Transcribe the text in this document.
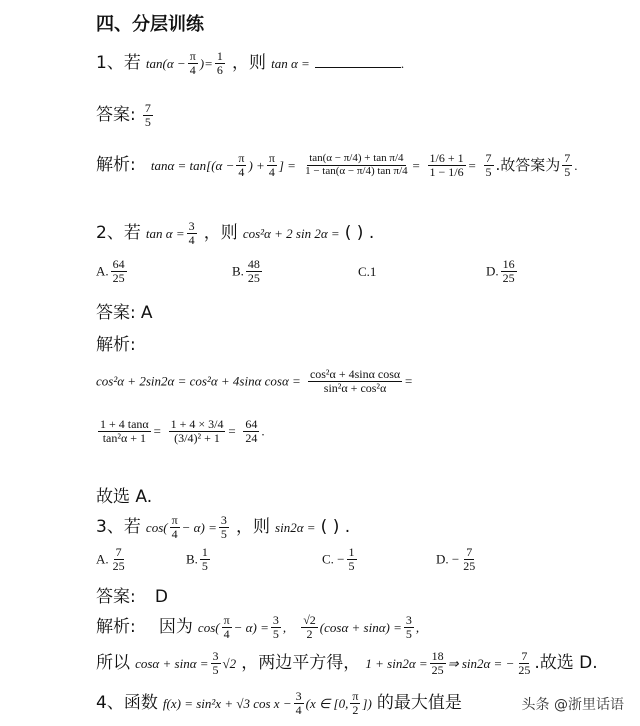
四、分层训练
1、若 $\tan(\alpha - \frac{\pi}{4}$ )= $\frac{1}{6}$ ，则 tan α =	.
答案: $\frac{7}{5}$
解析: $\tan\alpha = \tan[(\alpha - \frac{\pi}{4}$ ) + $\frac{\pi}{4}$ ] = $\frac{\text{tan(α − π/4) + tan π/4}}{\text{1 − tan(α − π/4) tan π/4}} = \frac{1/6 + 1}{1 - 1/6} = \frac{7}{5}$ .故答案为 $\frac{7}{5}$ .
2、若 $\tan \alpha = \frac{3}{4}$ ，则 cos²α + 2 sin 2α = ( ) .
A. $\frac{64}{25}$	B. $\frac{48}{25}$	C.1	D. $\frac{16}{25}$
答案: A
解析:
cos²α + 2sin2α = cos²α + 4sinα $\cos\alpha = \frac{\text{cos²α + 4sinα cosα}}{\text{sin²α + cos²α}}$ =
$\frac{1 + 4 \tan\alpha}{\text{tan²α + 1}} = \frac{1 + 4 \times 3/4}{\text{(3/4)² + 1}} = \frac{64}{24}$ .
故选 A.
3、若 $\cos( \frac{\pi}{4} - \alpha) = \frac{3}{5}$ ，则 sin2α = ( ) .
A. $\frac{7}{25}$	B. $\frac{1}{5}$	C. − $\frac{1}{5}$	D. − $\frac{7}{25}$
答案: D
解析: 因为 $\cos( \frac{\pi}{4} - \alpha) = \frac{3}{5}$ , $\frac{√2}{2} (\cos\alpha + \sin\alpha) = \frac{3}{5}$ ,
所以 $\cos\alpha + \sin\alpha = \frac{3}{5} √2$ ，两边平方得， $1 + \sin 2\alpha = \frac{18}{25}$ ⇒ sin2α = − $\frac{7}{25}$ .故选 D.
4、函数 f(x) = sin²x + √3 $\cos x - \frac{3}{4} (x$ ∈ [0, $\frac{\pi}{2}$ ]) 的最大值是	头条 @浙里话语
